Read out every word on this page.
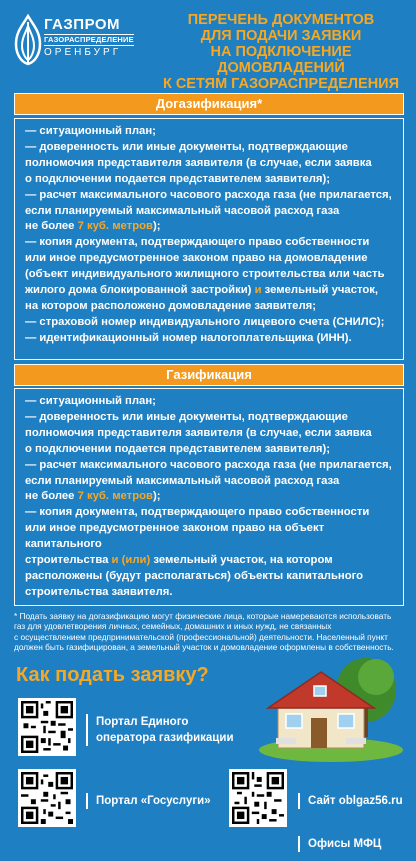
ГАЗПРОМ
ГАЗОРАСПРЕДЕЛЕНИЕ
ОРЕНБУРГ
ПЕРЕЧЕНЬ ДОКУМЕНТОВ
ДЛЯ ПОДАЧИ ЗАЯВКИ
НА ПОДКЛЮЧЕНИЕ ДОМОВЛАДЕНИЙ
К СЕТЯМ ГАЗОРАСПРЕДЕЛЕНИЯ
Догазификация*

— ситуационный план;

— доверенность или иные документы, подтверждающие

полномочия представителя заявителя (в случае, если заявка

о подключении подается представителем заявителя);

— расчет максимального часового расхода газа (не прилагается,

если планируемый максимальный часовой расход газа

не более 7 куб. метров);

— копия документа, подтверждающего право собственности

или иное предусмотренное законом право на домовладение

(объект индивидуального жилищного строительства или часть

жилого дома блокированной застройки) и земельный участок,

на котором расположено домовладение заявителя;

— страховой номер индивидуального лицевого счета (СНИЛС);

— идентификационный номер налогоплательщика (ИНН).

Газификация

— ситуационный план;

— доверенность или иные документы, подтверждающие

полномочия представителя заявителя (в случае, если заявка

о подключении подается представителем заявителя);

— расчет максимального часового расхода газа (не прилагается,

если планируемый максимальный часовой расход газа

не более 7 куб. метров);

— копия документа, подтверждающего право собственности

или иное предусмотренное законом право на объект капитального

строительства и (или) земельный участок, на котором

расположены (будут располагаться) объекты капитального

строительства заявителя.

* Подать заявку на догазификацию могут физические лица, которые намереваются использовать
газ для удовлетворения личных, семейных, домашних и иных нужд, не связанных
с осуществлением предпринимательской (профессиональной) деятельности. Населенный пункт
должен быть газифицирован, а земельный участок и домовладение оформлены в собственность.
Как подать заявку?
Портал Единого
оператора газификации
Портал «Госуслуги»	Сайт oblgaz56.ru
Офисы МФЦ
